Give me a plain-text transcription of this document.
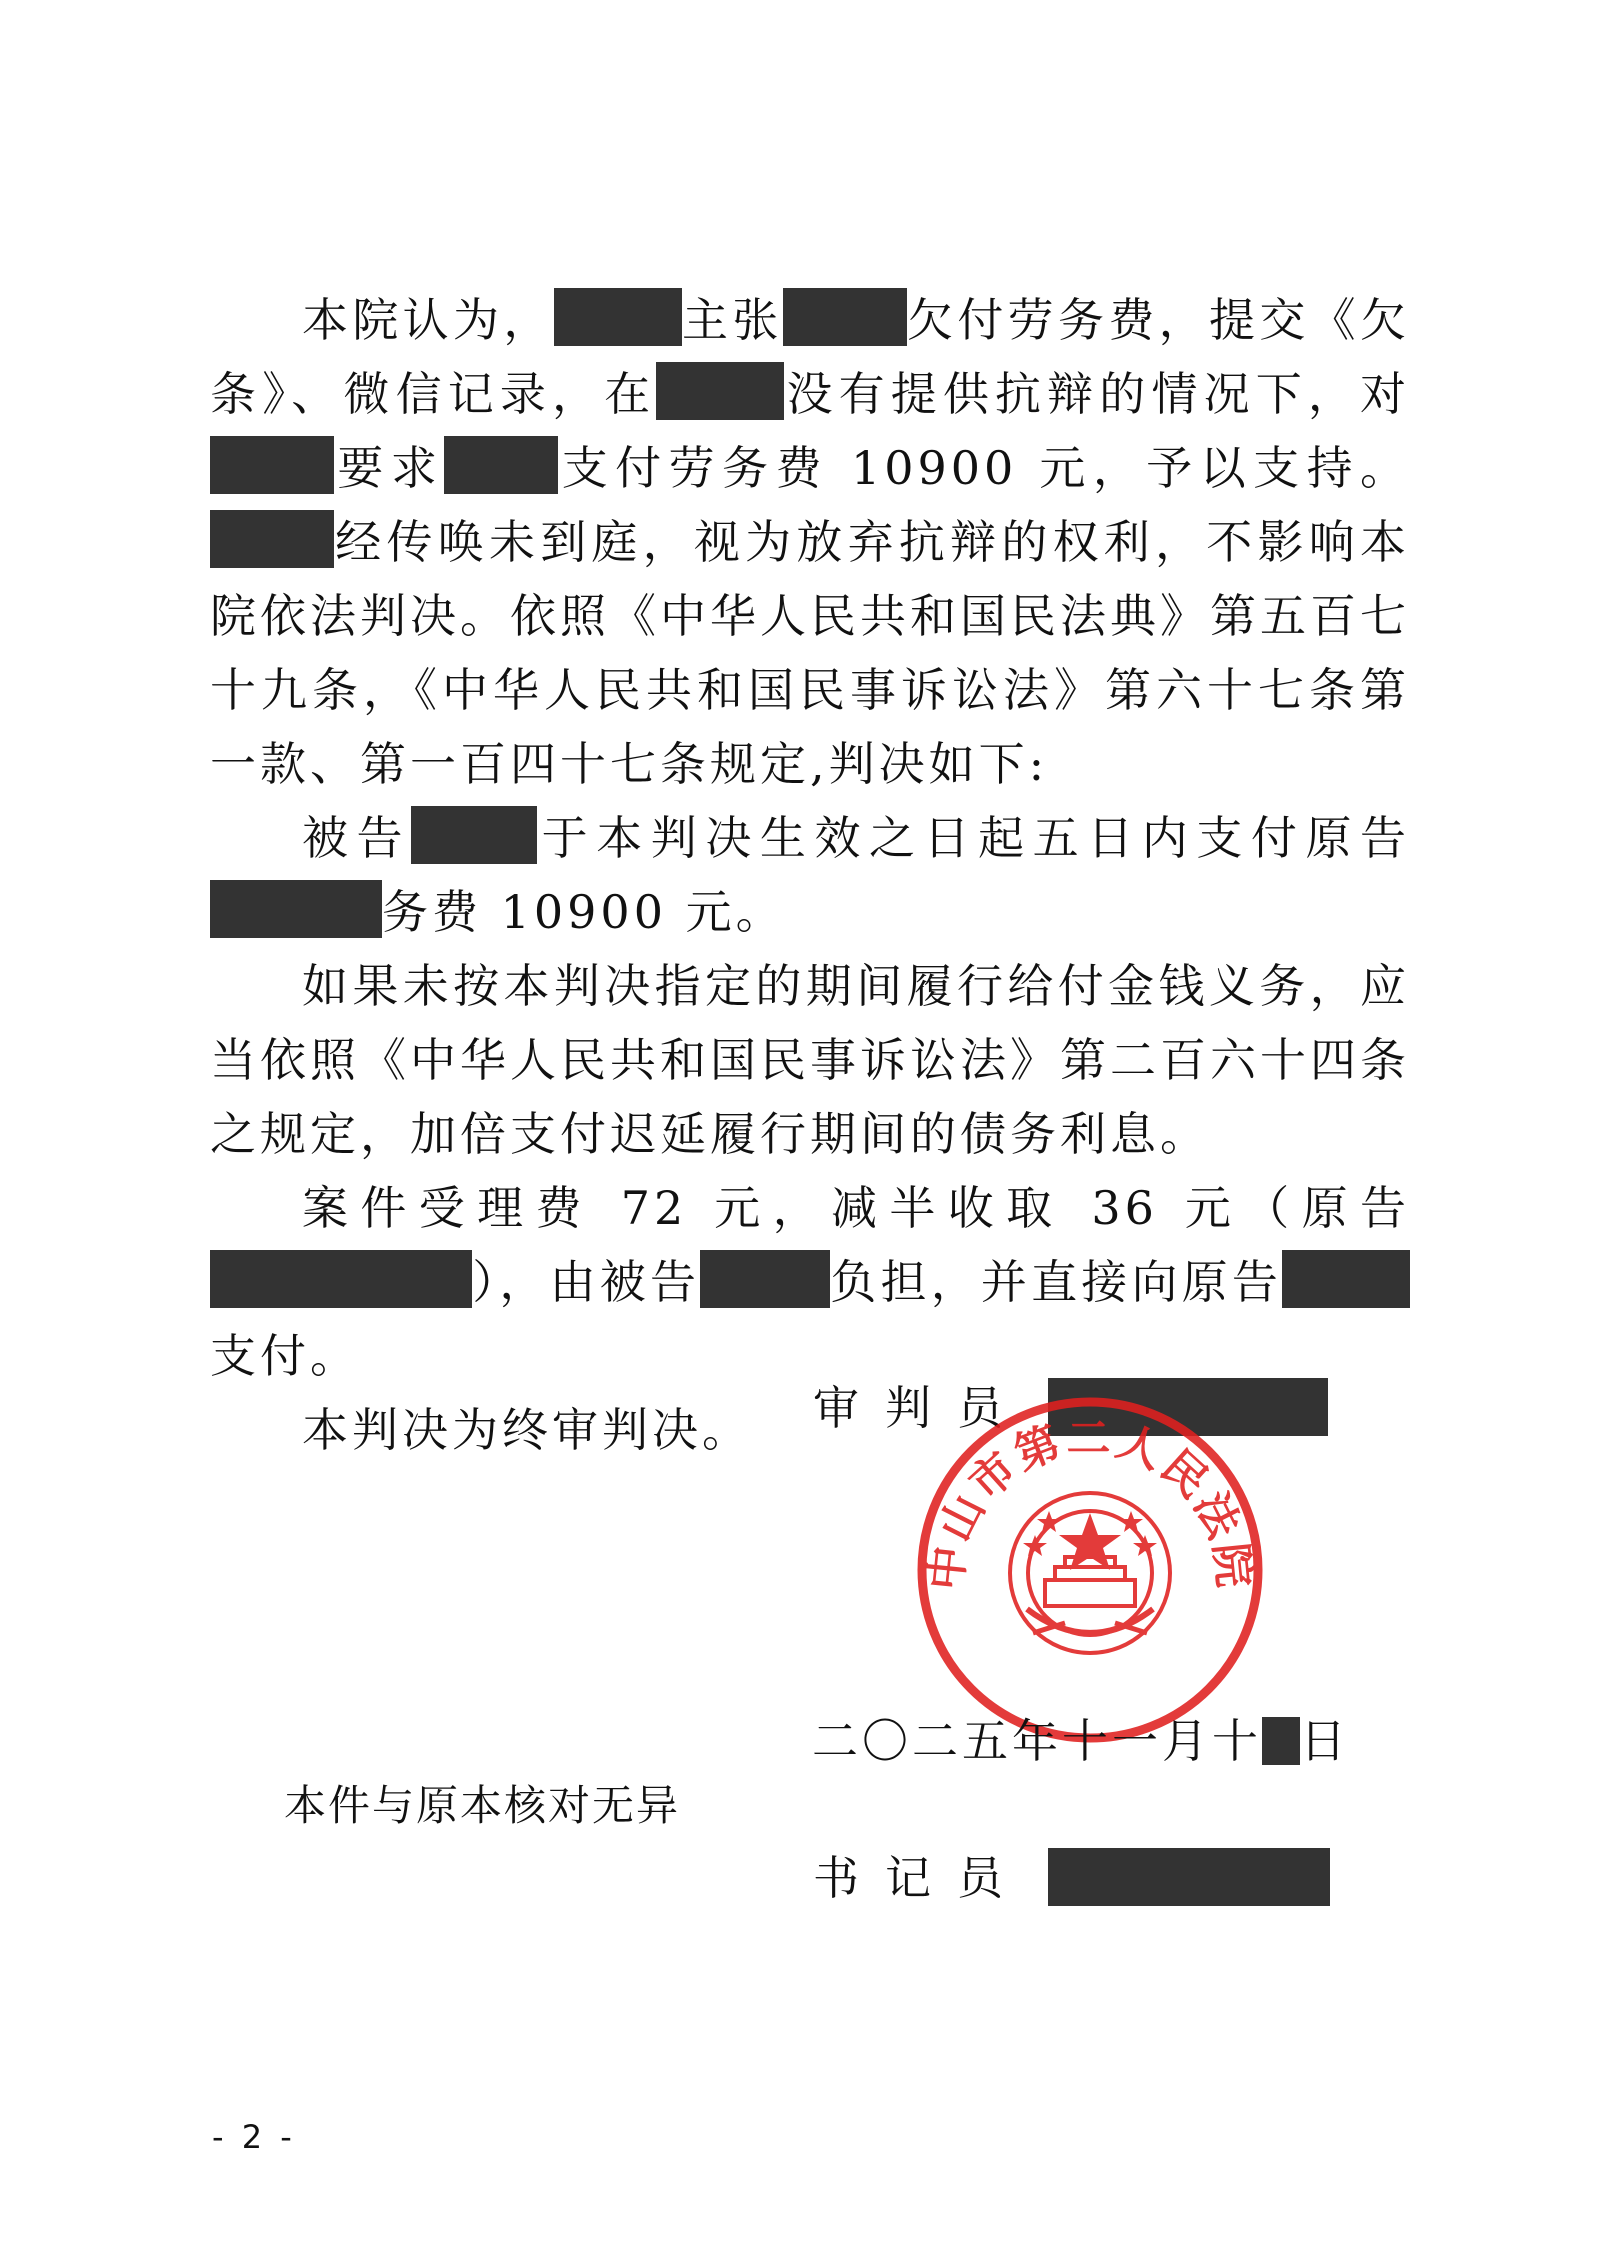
本院认为，	主张	欠付劳务费，提交《欠条》、微信记录，在	没有提供抗辩的情况下，对要求 支付劳务费 10900 元，予以支持。经传唤未到庭，视为放弃抗辩的权利，不影响本院依法判决。依照《中华人民共和国民法典》第五百七十九条，《中华人民共和国民事诉讼法》第六十七条第一款、第一百四十七条规定,判决如下:

被告	于本判决生效之日起五日内支付原告务费 10900 元。

如果未按本判决指定的期间履行给付金钱义务，应当依照《中华人民共和国民事诉讼法》第二百六十四条之规定，加倍支付迟延履行期间的债务利息。

案件受理费 72 元，减半收取 36 元（原告），由被告	负担，并直接向原告支付。

本判决为终审判决。	审判员
中山市第二人民法院
二〇二五年十一月十 日
本件与原本核对无异
书记员
- 2 -
